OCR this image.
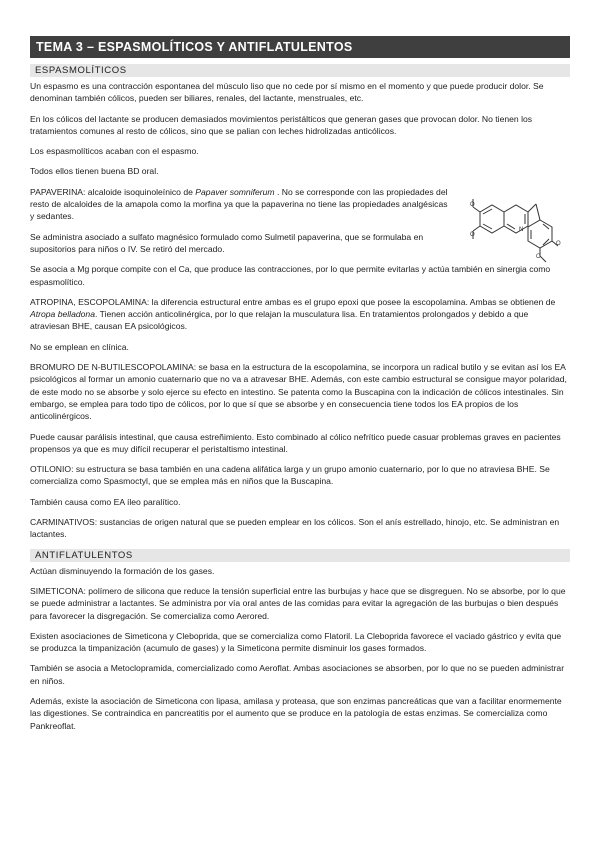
TEMA 3 – ESPASMOLÍTICOS Y ANTIFLATULENTOS
ESPASMOLÍTICOS

Un espasmo es una contracción espontanea del músculo liso que no cede por sí mismo en el momento y que puede producir dolor. Se denominan también cólicos, pueden ser biliares, renales, del lactante, menstruales, etc.

En los cólicos del lactante se producen demasiados movimientos peristálticos que generan gases que provocan dolor. No tienen los tratamientos comunes al resto de cólicos, sino que se palian con leches hidrolizadas anticólicos.

Los espasmolíticos acaban con el espasmo.

Todos ellos tienen buena BD oral.

PAPAVERINA: alcaloide isoquinoleínico de Papaver somniferum . No se corresponde con las propiedades del resto de alcaloides de la amapola como la morfina ya que la papaverina no tiene las propiedades analgésicas y sedantes.

Se administra asociado a sulfato magnésico formulado como Sulmetil papaverina, que se formulaba en supositorios para niños o IV. Se retiró del mercado.

O
O
N
O
O

Se asocia a Mg porque compite con el Ca, que produce las contracciones, por lo que permite evitarlas y actúa también en sinergia como espasmolítico.

ATROPINA, ESCOPOLAMINA: la diferencia estructural entre ambas es el grupo epoxi que posee la escopolamina. Ambas se obtienen de Atropa belladona. Tienen acción anticolinérgica, por lo que relajan la musculatura lisa. En tratamientos prolongados y debido a que atraviesan BHE, causan EA psicológicos.

No se emplean en clínica.

BROMURO DE N-BUTILESCOPOLAMINA: se basa en la estructura de la escopolamina, se incorpora un radical butilo y se evitan así los EA psicológicos al formar un amonio cuaternario que no va a atravesar BHE. Además, con este cambio estructural se consigue mayor polaridad, de este modo no se absorbe y solo ejerce su efecto en intestino. Se patenta como la Buscapina con la indicación de cólicos intestinales. Sin embargo, se emplea para todo tipo de cólicos, por lo que sí que se absorbe y en consecuencia tiene todos los EA propios de los anticolinérgicos.

Puede causar parálisis intestinal, que causa estreñimiento. Esto combinado al cólico nefrítico puede casuar problemas graves en pacientes propensos ya que es muy difícil recuperar el peristaltismo intestinal.

OTILONIO: su estructura se basa también en una cadena alifática larga y un grupo amonio cuaternario, por lo que no atraviesa BHE. Se comercializa como Spasmoctyl, que se emplea más en niños que la Buscapina.

También causa como EA íleo paralítico.

CARMINATIVOS: sustancias de origen natural que se pueden emplear en los cólicos. Son el anís estrellado, hinojo, etc. Se administran en lactantes.

ANTIFLATULENTOS

Actúan disminuyendo la formación de los gases.

SIMETICONA: polímero de silicona que reduce la tensión superficial entre las burbujas y hace que se disgreguen. No se absorbe, por lo que se puede administrar a lactantes. Se administra por vía oral antes de las comidas para evitar la agregación de las burbujas o bien después para favorecer la disgregación. Se comercializa como Aerored.

Existen asociaciones de Simeticona y Cleboprida, que se comercializa como Flatoril. La Cleboprida favorece el vaciado gástrico y evita que se produzca la timpanización (acumulo de gases) y la Simeticona permite disminuir los gases formados.

También se asocia a Metoclopramida, comercializado como Aeroflat. Ambas asociaciones se absorben, por lo que no se pueden administrar en niños.

Además, existe la asociación de Simeticona con lipasa, amilasa y proteasa, que son enzimas pancreáticas que van a facilitar enormemente las digestiones. Se contraindica en pancreatitis por el aumento que se produce en la patología de estas enzimas. Se comercializa como Pankreoflat.
